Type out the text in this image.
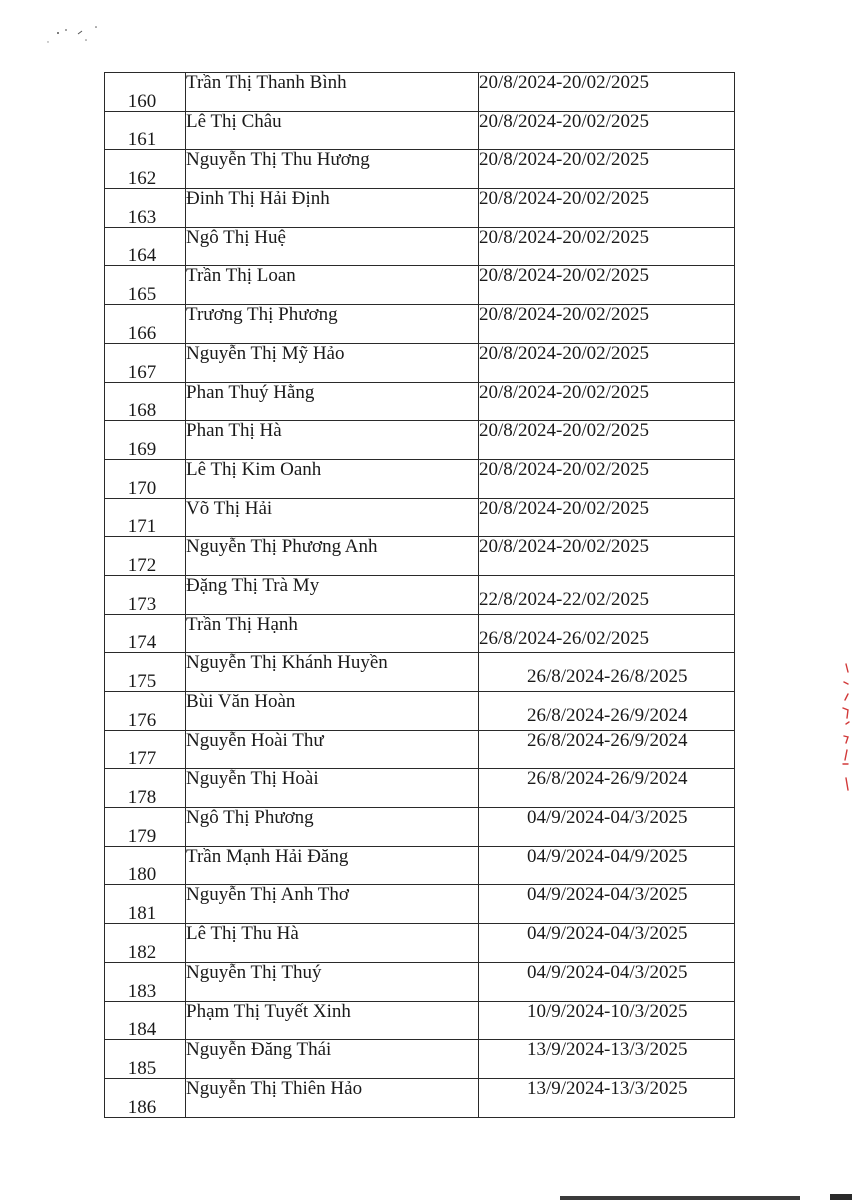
160	Trần Thị Thanh Bình	20/8/2024-20/02/2025
161	Lê Thị Châu	20/8/2024-20/02/2025
162	Nguyễn Thị Thu Hương	20/8/2024-20/02/2025
163	Đinh Thị Hải Định	20/8/2024-20/02/2025
164	Ngô Thị Huệ	20/8/2024-20/02/2025
165	Trần Thị Loan	20/8/2024-20/02/2025
166	Trương Thị Phương	20/8/2024-20/02/2025
167	Nguyễn Thị Mỹ Hảo	20/8/2024-20/02/2025
168	Phan Thuý Hằng	20/8/2024-20/02/2025
169	Phan Thị Hà	20/8/2024-20/02/2025
170	Lê Thị Kim Oanh	20/8/2024-20/02/2025
171	Võ Thị Hải	20/8/2024-20/02/2025
172	Nguyễn Thị Phương Anh	20/8/2024-20/02/2025
173	Đặng Thị Trà My	22/8/2024-22/02/2025
174	Trần Thị Hạnh	26/8/2024-26/02/2025
175	Nguyễn Thị Khánh Huyền	26/8/2024-26/8/2025
176	Bùi Văn Hoàn	26/8/2024-26/9/2024
177	Nguyễn Hoài Thư	26/8/2024-26/9/2024
178	Nguyễn Thị Hoài	26/8/2024-26/9/2024
179	Ngô Thị Phương	04/9/2024-04/3/2025
180	Trần Mạnh Hải Đăng	04/9/2024-04/9/2025
181	Nguyễn Thị Anh Thơ	04/9/2024-04/3/2025
182	Lê Thị Thu Hà	04/9/2024-04/3/2025
183	Nguyễn Thị Thuý	04/9/2024-04/3/2025
184	Phạm Thị Tuyết Xinh	10/9/2024-10/3/2025
185	Nguyễn Đăng Thái	13/9/2024-13/3/2025
186	Nguyễn Thị Thiên Hảo	13/9/2024-13/3/2025
